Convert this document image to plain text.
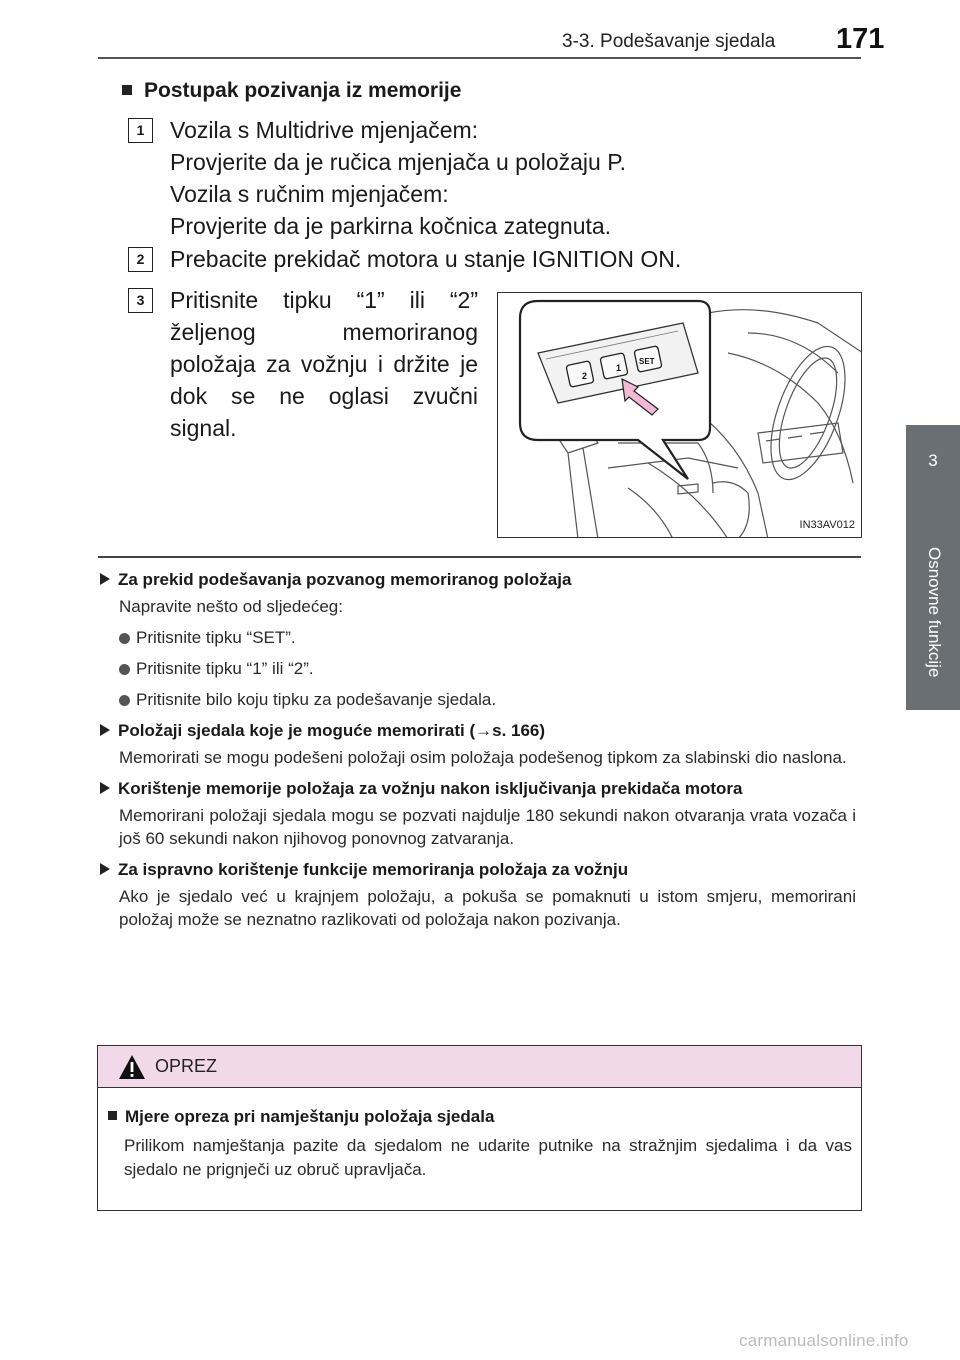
3-3. Podešavanje sjedala 171
3
Osnovne funkcije
Postupak pozivanja iz memorije
1	Vozila s Multidrive mjenjačem:
Provjerite da je ručica mjenjača u položaju P.
Vozila s ručnim mjenjačem:
Provjerite da je parkirna kočnica zategnuta.
2	Prebacite prekidač motora u stanje IGNITION ON.
3	Pritisnite tipku “1” ili “2” željenog memoriranog položaja za vožnju i držite je dok se ne oglasi zvučni signal.
2
1
SET
IN33AV012
Za prekid podešavanja pozvanog memoriranog položaja
Napravite nešto od sljedećeg:
Pritisnite tipku “SET”.
Pritisnite tipku “1” ili “2”.
Pritisnite bilo koju tipku za podešavanje sjedala.
Položaji sjedala koje je moguće memorirati (→s. 166)
Memorirati se mogu podešeni položaji osim položaja podešenog tipkom za slabinski dio naslona.
Korištenje memorije položaja za vožnju nakon isključivanja prekidača motora
Memorirani položaji sjedala mogu se pozvati najdulje 180 sekundi nakon otvaranja vrata vozača i još 60 sekundi nakon njihovog ponovnog zatvaranja.
Za ispravno korištenje funkcije memoriranja položaja za vožnju
Ako je sjedalo već u krajnjem položaju, a pokuša se pomaknuti u istom smjeru, memorirani položaj može se neznatno razlikovati od položaja nakon pozivanja.
OPREZ
Mjere opreza pri namještanju položaja sjedala
Prilikom namještanja pazite da sjedalom ne udarite putnike na stražnjim sjedalima i da vas sjedalo ne prignječi uz obruč upravljača.
carmanualsonline.info
